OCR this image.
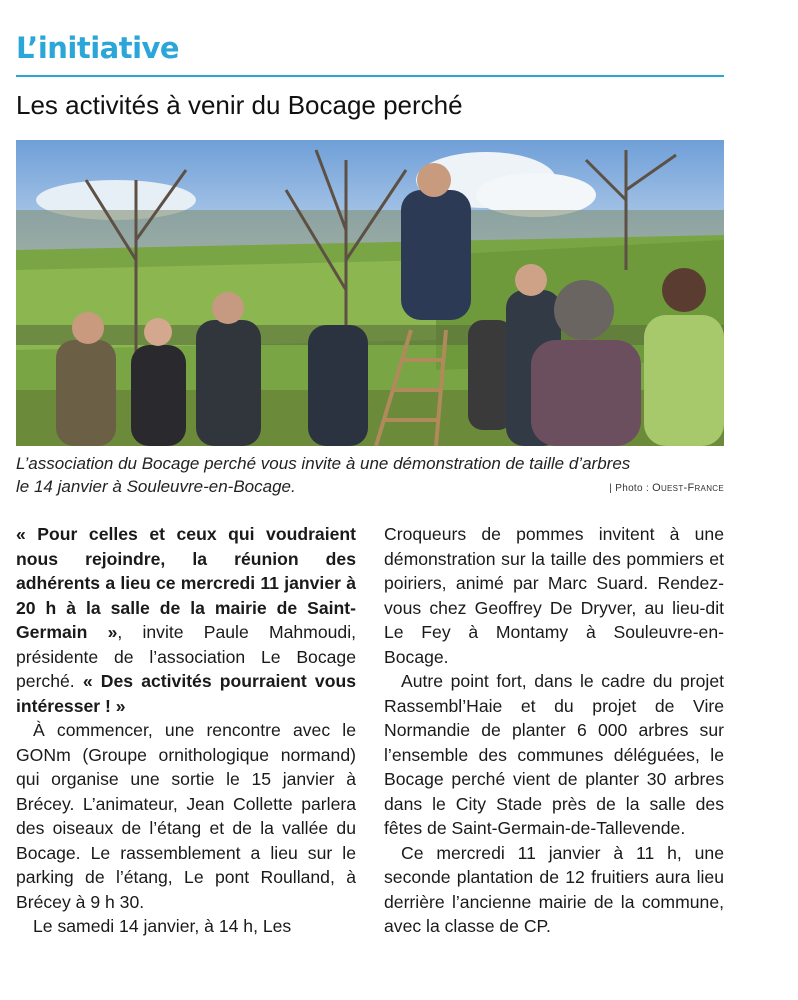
L’initiative
Les activités à venir du Bocage perché
L’association du Bocage perché vous invite à une démonstration de taille d’arbres
le 14 janvier à Souleuvre-en-Bocage.	| Photo : Ouest-France

« Pour celles et ceux qui voudraient nous rejoindre, la réunion des adhérents a lieu ce mercredi 11 janvier à 20 h à la salle de la mairie de Saint-Germain », invite Paule Mahmoudi, présidente de l’association Le Bocage perché. « Des activités pourraient vous intéresser ! »

À commencer, une rencontre avec le GONm (Groupe ornithologique normand) qui organise une sortie le 15 janvier à Brécey. L’animateur, Jean Collette parlera des oiseaux de l’étang et de la vallée du Bocage. Le rassemblement a lieu sur le parking de l’étang, Le pont Roulland, à Brécey à 9 h 30.

Le samedi 14 janvier, à 14 h, Les

Croqueurs de pommes invitent à une démonstration sur la taille des pommiers et poiriers, animé par Marc Suard. Rendez-vous chez Geoffrey De Dryver, au lieu-dit Le Fey à Montamy à Souleuvre-en-Bocage.

Autre point fort, dans le cadre du projet Rassembl’Haie et du projet de Vire Normandie de planter 6 000 arbres sur l’ensemble des communes déléguées, le Bocage perché vient de planter 30 arbres dans le City Stade près de la salle des fêtes de Saint-Germain-de-Tallevende.

Ce mercredi 11 janvier à 11 h, une seconde plantation de 12 fruitiers aura lieu derrière l’ancienne mairie de la commune, avec la classe de CP.
